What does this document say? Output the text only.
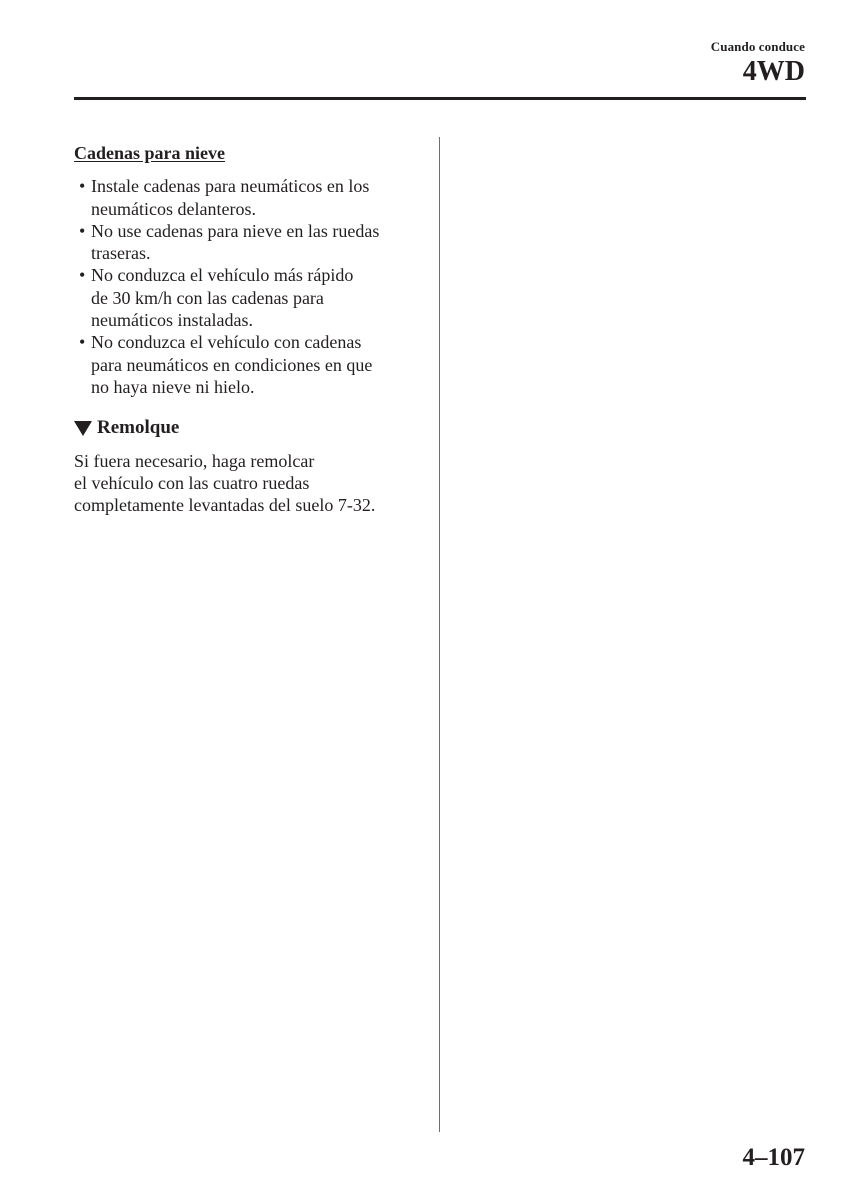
Cuando conduce
4WD
Cadenas para nieve
• Instale cadenas para neumáticos en los
neumáticos delanteros.
• No use cadenas para nieve en las ruedas
traseras.
• No conduzca el vehículo más rápido
de 30 km/h con las cadenas para
neumáticos instaladas.
• No conduzca el vehículo con cadenas
para neumáticos en condiciones en que
no haya nieve ni hielo.
Remolque

Si fuera necesario, haga remolcar
el vehículo con las cuatro ruedas
completamente levantadas del suelo 7-32.

4–107
